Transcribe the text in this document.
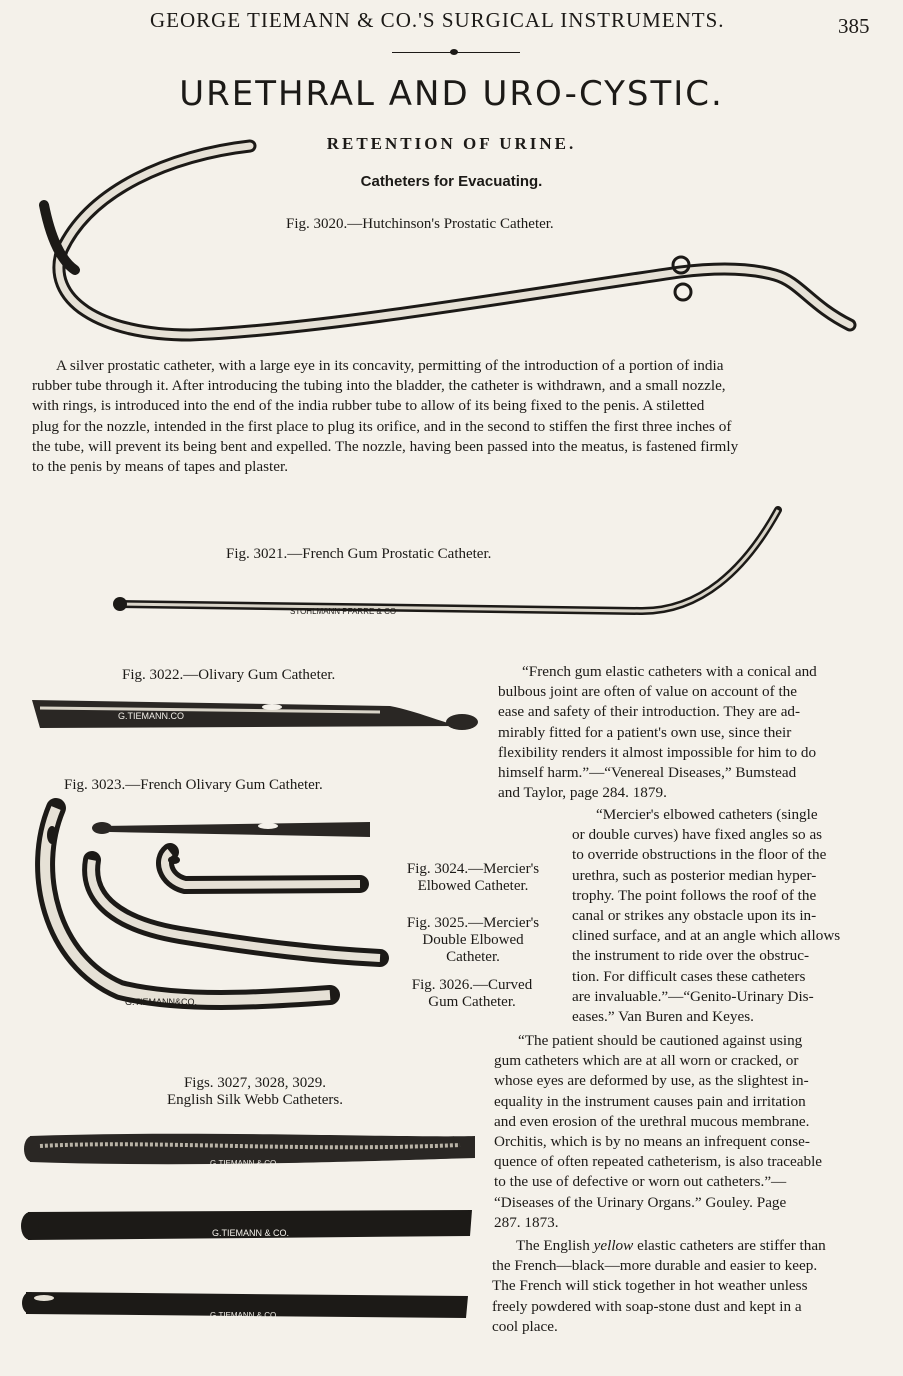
GEORGE TIEMANN & CO.'S SURGICAL INSTRUMENTS.	385
URETHRAL AND URO-CYSTIC.
RETENTION OF URINE.
Catheters for Evacuating.
STOHLMANN PFARRE & CO
G.TIEMANN.CO
G.TIEMANN&CO.
G.TIEMANN & CO.
G.TIEMANN & CO.
G.TIEMANN & CO.
Fig. 3020.—Hutchinson's Prostatic Catheter.
A silver prostatic catheter, with a large eye in its concavity, permitting of the introduction of a portion of india
rubber tube through it. After introducing the tubing into the bladder, the catheter is withdrawn, and a small nozzle,
with rings, is introduced into the end of the india rubber tube to allow of its being fixed to the penis. A stiletted
plug for the nozzle, intended in the first place to plug its orifice, and in the second to stiffen the first three inches of
the tube, will prevent its being bent and expelled. The nozzle, having been passed into the meatus, is fastened firmly
to the penis by means of tapes and plaster.
Fig. 3021.—French Gum Prostatic Catheter.
Fig. 3022.—Olivary Gum Catheter.
Fig. 3023.—French Olivary Gum Catheter.
Fig. 3024.—Mercier's
Elbowed Catheter.
Fig. 3025.—Mercier's
Double Elbowed
Catheter.
Fig. 3026.—Curved
Gum Catheter.
Figs. 3027, 3028, 3029.
English Silk Webb Catheters.
“French gum elastic catheters with a conical and
bulbous joint are often of value on account of the
ease and safety of their introduction. They are ad-
mirably fitted for a patient's own use, since their
flexibility renders it almost impossible for him to do
himself harm.”—“Venereal Diseases,” Bumstead
and Taylor, page 284. 1879.
“Mercier's elbowed catheters (single
or double curves) have fixed angles so as
to override obstructions in the floor of the
urethra, such as posterior median hyper-
trophy. The point follows the roof of the
canal or strikes any obstacle upon its in-
clined surface, and at an angle which allows
the instrument to ride over the obstruc-
tion. For difficult cases these catheters
are invaluable.”—“Genito-Urinary Dis-
eases.” Van Buren and Keyes.
“The patient should be cautioned against using
gum catheters which are at all worn or cracked, or
whose eyes are deformed by use, as the slightest in-
equality in the instrument causes pain and irritation
and even erosion of the urethral mucous membrane.
Orchitis, which is by no means an infrequent conse-
quence of often repeated catheterism, is also traceable
to the use of defective or worn out catheters.”—
“Diseases of the Urinary Organs.” Gouley. Page
287. 1873.
The English yellow elastic catheters are stiffer than
the French—black—more durable and easier to keep.
The French will stick together in hot weather unless
freely powdered with soap-stone dust and kept in a
cool place.
